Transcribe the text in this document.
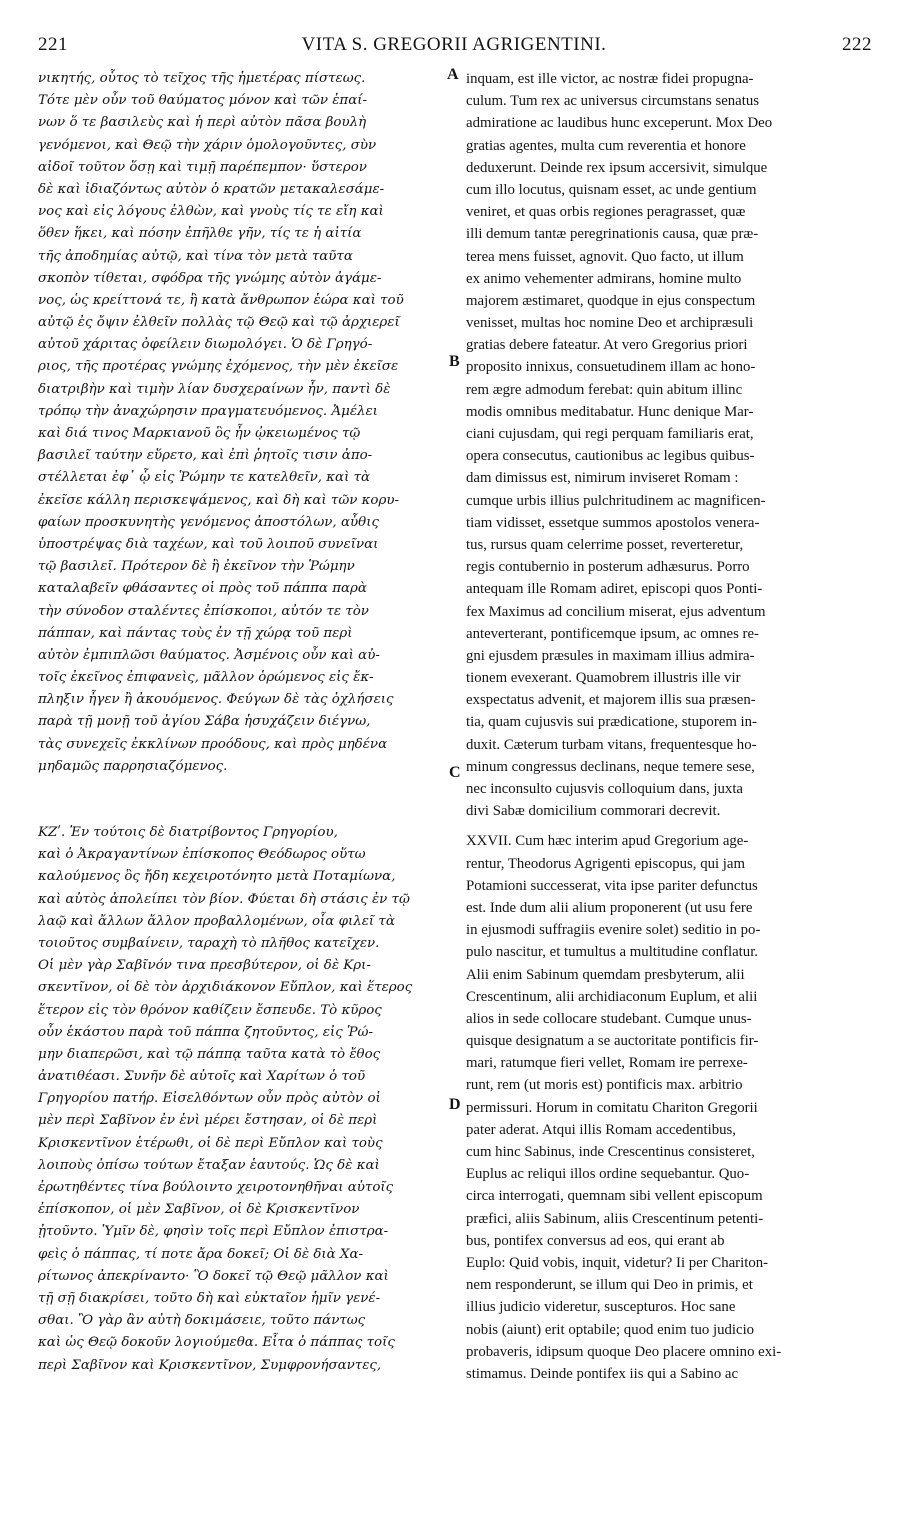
221	VITA S. GREGORII AGRIGENTINI.	222
νικητής, οὗτος τὸ τεῖχος τῆς ἡμετέρας πίστεως.
Τότε μὲν οὖν τοῦ θαύματος μόνον καὶ τῶν ἐπαί-
νων ὅ τε βασιλεὺς καὶ ἡ περὶ αὐτὸν πᾶσα βουλὴ
γενόμενοι, καὶ Θεῷ τὴν χάριν ὁμολογοῦντες, σὺν
αἰδοῖ τοῦτον ὅσῃ καὶ τιμῇ παρέπεμπον· ὕστερον
δὲ καὶ ἰδιαζόντως αὐτὸν ὁ κρατῶν μετακαλεσάμε-
νος καὶ εἰς λόγους ἐλθὼν, καὶ γνοὺς τίς τε εἴη καὶ
ὅθεν ἥκει, καὶ πόσην ἐπῆλθε γῆν, τίς τε ἡ αἰτία
τῆς ἀποδημίας αὐτῷ, καὶ τίνα τὸν μετὰ ταῦτα
σκοπὸν τίθεται, σφόδρα τῆς γνώμης αὐτὸν ἀγάμε-
νος, ὡς κρείττονά τε, ἢ κατὰ ἄνθρωπον ἑώρα καὶ τοῦ
αὐτῷ ἐς ὄψιν ἐλθεῖν πολλὰς τῷ Θεῷ καὶ τῷ ἀρχιερεῖ
αὐτοῦ χάριτας ὀφείλειν διωμολόγει. Ὁ δὲ Γρηγό-
ριος, τῆς προτέρας γνώμης ἐχόμενος, τὴν μὲν ἐκεῖσε
διατριβὴν καὶ τιμὴν λίαν δυσχεραίνων ἦν, παντὶ δὲ
τρόπῳ τὴν ἀναχώρησιν πραγματευόμενος. Ἀμέλει
καὶ διά τινος Μαρκιανοῦ ὃς ἦν ᾠκειωμένος τῷ
βασιλεῖ ταύτην εὕρετο, καὶ ἐπὶ ῥητοῖς τισιν ἀπο-
στέλλεται ἐφ᾽ ᾧ εἰς Ῥώμην τε κατελθεῖν, καὶ τὰ
ἐκεῖσε κάλλη περισκεψάμενος, καὶ δὴ καὶ τῶν κορυ-
φαίων προσκυνητὴς γενόμενος ἀποστόλων, αὖθις
ὑποστρέψας διὰ ταχέων, καὶ τοῦ λοιποῦ συνεῖναι
τῷ βασιλεῖ. Πρότερον δὲ ἢ ἐκεῖνον τὴν Ῥώμην
καταλαβεῖν φθάσαντες οἱ πρὸς τοῦ πάππα παρὰ
τὴν σύνοδον σταλέντες ἐπίσκοποι, αὐτόν τε τὸν
πάππαν, καὶ πάντας τοὺς ἐν τῇ χώρᾳ τοῦ περὶ
αὐτὸν ἐμπιπλῶσι θαύματος. Ἀσμένοις οὖν καὶ αὐ-
τοῖς ἐκεῖνος ἐπιφανεὶς, μᾶλλον ὁρώμενος εἰς ἔκ-
πληξιν ἦγεν ἢ ἀκουόμενος. Φεύγων δὲ τὰς ὀχλήσεις
παρὰ τῇ μονῇ τοῦ ἁγίου Σάβα ἡσυχάζειν διέγνω,
τὰς συνεχεῖς ἐκκλίνων προόδους, καὶ πρὸς μηδένα
μηδαμῶς παρρησιαζόμενος.
ΚΖʹ. Ἐν τούτοις δὲ διατρίβοντος Γρηγορίου,
καὶ ὁ Ἀκραγαντίνων ἐπίσκοπος Θεόδωρος οὕτω
καλούμενος ὃς ἤδη κεχειροτόνητο μετὰ Ποταμίωνα,
καὶ αὐτὸς ἀπολείπει τὸν βίον. Φύεται δὴ στάσις ἐν τῷ
λαῷ καὶ ἄλλων ἄλλον προβαλλομένων, οἷα φιλεῖ τὰ
τοιοῦτος συμβαίνειν, ταραχὴ τὸ πλῆθος κατεῖχεν.
Οἱ μὲν γὰρ Σαβῖνόν τινα πρεσβύτερον, οἱ δὲ Κρι-
σκεντῖνον, οἱ δὲ τὸν ἀρχιδιάκονον Εὔπλον, καὶ ἕτερος
ἕτερον εἰς τὸν θρόνον καθίζειν ἔσπευδε. Τὸ κῦρος
οὖν ἑκάστου παρὰ τοῦ πάππα ζητοῦντος, εἰς Ῥώ-
μην διαπερῶσι, καὶ τῷ πάππᾳ ταῦτα κατὰ τὸ ἔθος
ἀνατιθέασι. Συνῆν δὲ αὐτοῖς καὶ Χαρίτων ὁ τοῦ
Γρηγορίου πατήρ. Εἰσελθόντων οὖν πρὸς αὐτὸν οἱ
μὲν περὶ Σαβῖνον ἐν ἑνὶ μέρει ἔστησαν, οἱ δὲ περὶ
Κρισκεντῖνον ἑτέρωθι, οἱ δὲ περὶ Εὔπλον καὶ τοὺς
λοιποὺς ὀπίσω τούτων ἔταξαν ἑαυτούς. Ὡς δὲ καὶ
ἐρωτηθέντες τίνα βούλοιντο χειροτονηθῆναι αὐτοῖς
ἐπίσκοπον, οἱ μὲν Σαβῖνον, οἱ δὲ Κρισκεντῖνον
ᾐτοῦντο. Ὑμῖν δὲ, φησὶν τοῖς περὶ Εὔπλον ἐπιστρα-
φεὶς ὁ πάππας, τί ποτε ἄρα δοκεῖ; Οἱ δὲ διὰ Χα-
ρίτωνος ἀπεκρίναντο· Ὃ δοκεῖ τῷ Θεῷ μᾶλλον καὶ
τῇ σῇ διακρίσει, τοῦτο δὴ καὶ εὐκταῖον ἡμῖν γενέ-
σθαι. Ὃ γὰρ ἂν αὐτὴ δοκιμάσειε, τοῦτο πάντως
καὶ ὡς Θεῷ δοκοῦν λογιούμεθα. Εἶτα ὁ πάππας τοῖς
περὶ Σαβῖνον καὶ Κρισκεντῖνον, Συμφρονήσαντες,
inquam, est ille victor, ac nostræ fidei propugna-
culum. Tum rex ac universus circumstans senatus
admiratione ac laudibus hunc exceperunt. Mox Deo
gratias agentes, multa cum reverentia et honore
deduxerunt. Deinde rex ipsum accersivit, simulque
cum illo locutus, quisnam esset, ac unde gentium
veniret, et quas orbis regiones peragrasset, quæ
illi demum tantæ peregrinationis causa, quæ præ-
terea mens fuisset, agnovit. Quo facto, ut illum
ex animo vehementer admirans, homine multo
majorem æstimaret, quodque in ejus conspectum
venisset, multas hoc nomine Deo et archipræsuli
gratias debere fateatur. At vero Gregorius priori
proposito innixus, consuetudinem illam ac hono-
rem ægre admodum ferebat: quin abitum illinc
modis omnibus meditabatur. Hunc denique Mar-
ciani cujusdam, qui regi perquam familiaris erat,
opera consecutus, cautionibus ac legibus quibus-
dam dimissus est, nimirum inviseret Romam :
cumque urbis illius pulchritudinem ac magnificen-
tiam vidisset, essetque summos apostolos venera-
tus, rursus quam celerrime posset, reverteretur,
regis contubernio in posterum adhæsurus. Porro
antequam ille Romam adiret, episcopi quos Ponti-
fex Maximus ad concilium miserat, ejus adventum
anteverterant, pontificemque ipsum, ac omnes re-
gni ejusdem præsules in maximam illius admira-
tionem evexerant. Quamobrem illustris ille vir
exspectatus advenit, et majorem illis sua præsen-
tia, quam cujusvis sui prædicatione, stuporem in-
duxit. Cæterum turbam vitans, frequentesque ho-
minum congressus declinans, neque temere sese,
nec inconsulto cujusvis colloquium dans, juxta
divi Sabæ domicilium commorari decrevit.
XXVII. Cum hæc interim apud Gregorium age-
rentur, Theodorus Agrigenti episcopus, qui jam
Potamioni successerat, vita ipse pariter defunctus
est. Inde dum alii alium proponerent (ut usu fere
in ejusmodi suffragiis evenire solet) seditio in po-
pulo nascitur, et tumultus a multitudine conflatur.
Alii enim Sabinum quemdam presbyterum, alii
Crescentinum, alii archidiaconum Euplum, et alii
alios in sede collocare studebant. Cumque unus-
quisque designatum a se auctoritate pontificis fir-
mari, ratumque fieri vellet, Romam ire perrexe-
runt, rem (ut moris est) pontificis max. arbitrio
permissuri. Horum in comitatu Chariton Gregorii
pater aderat. Atqui illis Romam accedentibus,
cum hinc Sabinus, inde Crescentinus consisteret,
Euplus ac reliqui illos ordine sequebantur. Quo-
circa interrogati, quemnam sibi vellent episcopum
præfici, aliis Sabinum, aliis Crescentinum petenti-
bus, pontifex conversus ad eos, qui erant ab
Euplo: Quid vobis, inquit, videtur? Ii per Chariton-
nem responderunt, se illum qui Deo in primis, et
illius judicio videretur, suscepturos. Hoc sane
nobis (aiunt) erit optabile; quod enim tuo judicio
probaveris, idipsum quoque Deo placere omnino exi-
stimamus. Deinde pontifex iis qui a Sabino ac
A
B
C
D
